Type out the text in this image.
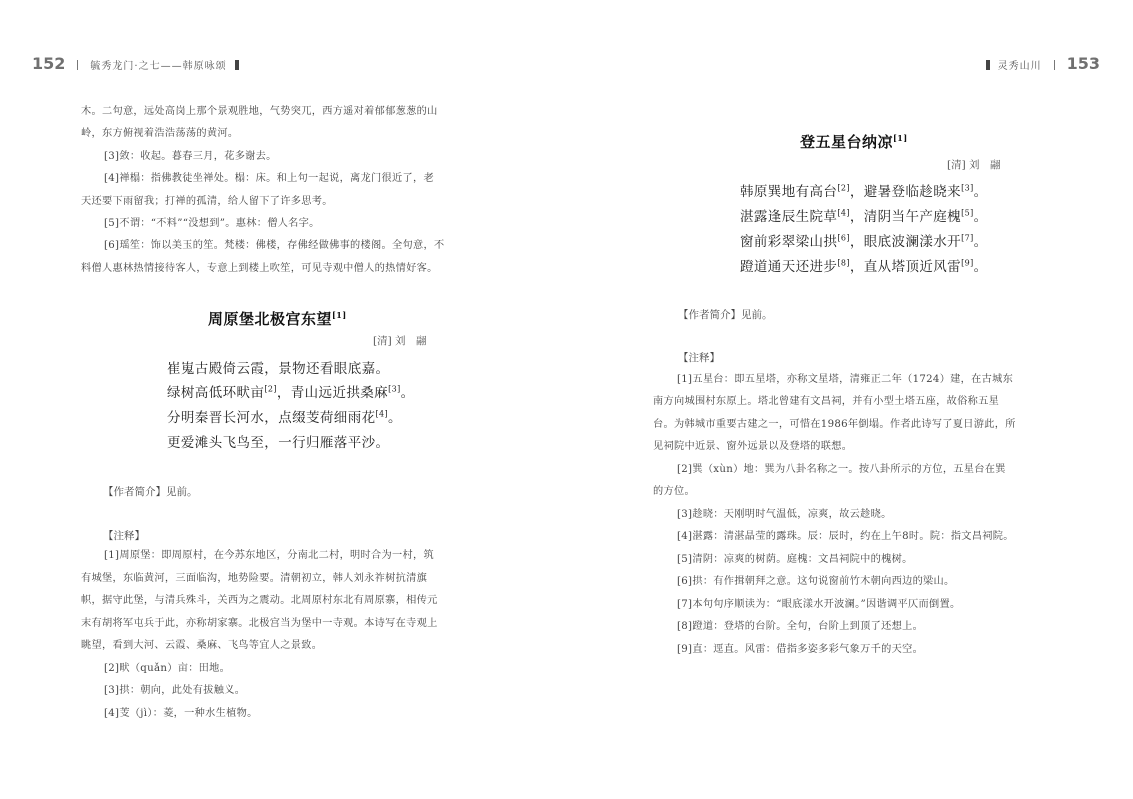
152	毓秀龙门·之七——韩原咏颂
木。二句意，远处高岗上那个景观胜地，气势突兀，西方遥对着郁郁葱葱的山
岭，东方俯视着浩浩荡荡的黄河。
[3]敛：收起。暮春三月，花多谢去。
[4]禅榻：指佛教徒坐禅处。榻：床。和上句一起说，离龙门很近了，老
天还要下雨留我；打禅的孤清，给人留下了许多思考。
[5]不谓：“不料”“没想到”。惠林：僧人名字。
[6]瑶笙：饰以美玉的笙。梵楼：佛楼，存佛经做佛事的楼阁。全句意，不
料僧人惠林热情接待客人，专意上到楼上吹笙，可见寺观中僧人的热情好客。
周原堡北极宫东望[1]
[清] 刘　翮
崔嵬古殿倚云霞，景物还看眼底嘉。
绿树高低环畎亩[2]，青山远近拱桑麻[3]。
分明秦晋长河水，点缀芰荷细雨花[4]。
更爱滩头飞鸟至，一行归雁落平沙。
【作者简介】见前。
【注释】
[1]周原堡：即周原村，在今苏东地区，分南北二村，明时合为一村，筑
有城堡，东临黄河，三面临沟，地势险要。清朝初立，韩人刘永祚树抗清旗
帜，据守此堡，与清兵殊斗，关西为之震动。北周原村东北有周原寨，相传元
末有胡将军屯兵于此，亦称胡家寨。北极宫当为堡中一寺观。本诗写在寺观上
眺望，看到大河、云霞、桑麻、飞鸟等宜人之景致。
[2]畎（quǎn）亩：田地。
[3]拱：朝向，此处有拔触义。
[4]芰（jì）：菱，一种水生植物。
灵秀山川 153
登五星台纳凉[1]
[清] 刘　翮
韩原巽地有高台[2]，避暑登临趁晓来[3]。
湛露逢辰生院草[4]，清阴当午产庭槐[5]。
窗前彩翠梁山拱[6]，眼底波澜漾水开[7]。
蹬道通天还进步[8]，直从塔顶近风雷[9]。
【作者简介】见前。
【注释】
[1]五星台：即五星塔，亦称文星塔，清雍正二年（1724）建，在古城东
南方向城围村东原上。塔北曾建有文昌祠，并有小型土塔五座，故俗称五星
台。为韩城市重要古建之一，可惜在1986年倒塌。作者此诗写了夏日游此，所
见祠院中近景、窗外远景以及登塔的联想。
[2]巽（xùn）地：巽为八卦名称之一。按八卦所示的方位，五星台在巽
的方位。
[3]趁晓：天刚明时气温低，凉爽，故云趁晓。
[4]湛露：清湛晶莹的露珠。辰：辰时，约在上午8时。院：指文昌祠院。
[5]清阴：凉爽的树荫。庭槐：文昌祠院中的槐树。
[6]拱：有作揖朝拜之意。这句说窗前竹木朝向西边的梁山。
[7]本句句序顺读为：“眼底漾水开波澜。”因谐调平仄而倒置。
[8]蹬道：登塔的台阶。全句，台阶上到顶了还想上。
[9]直：逕直。风雷：借指多姿多彩气象万千的天空。
